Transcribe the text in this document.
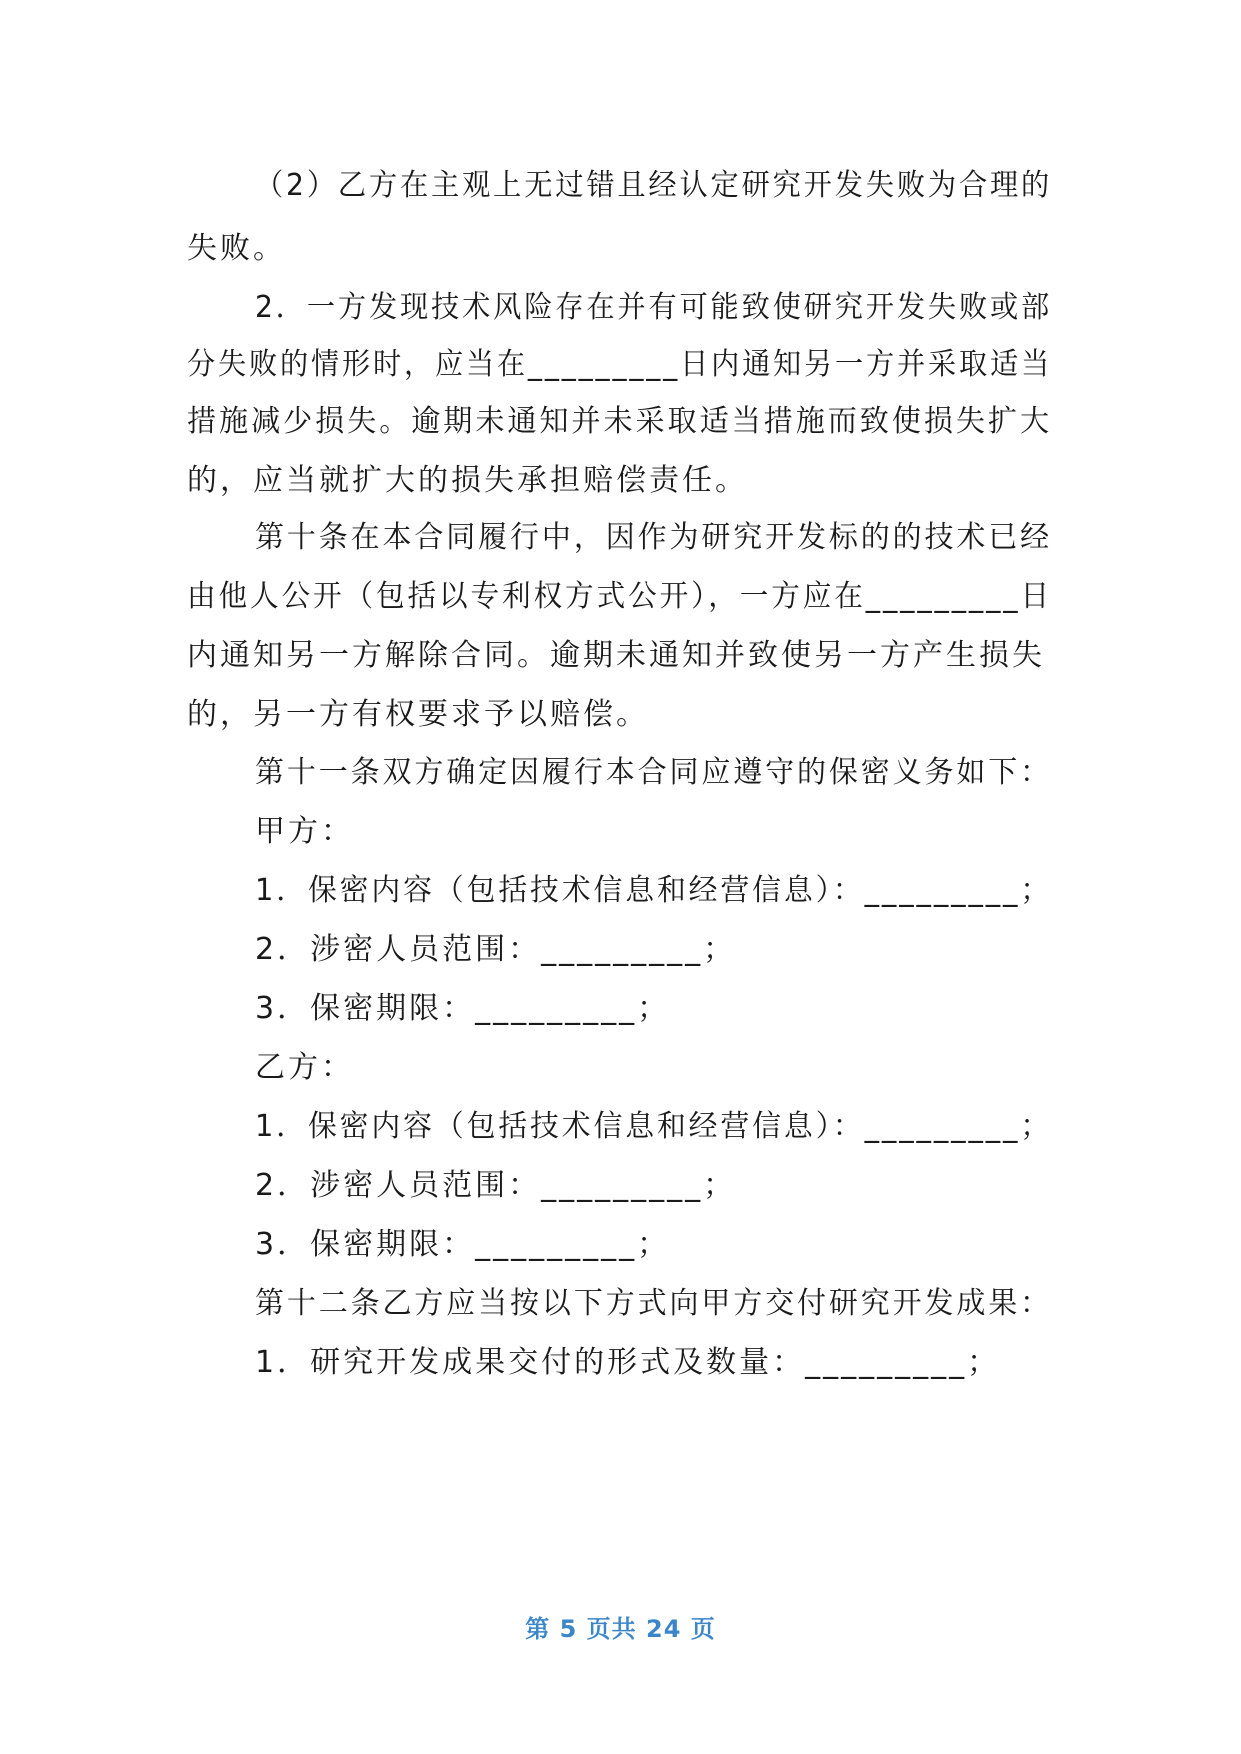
（2）乙方在主观上无过错且经认定研究开发失败为合理的
失败。
2．一方发现技术风险存在并有可能致使研究开发失败或部
分失败的情形时，应当在_________日内通知另一方并采取适当
措施减少损失。逾期未通知并未采取适当措施而致使损失扩大
的，应当就扩大的损失承担赔偿责任。
第十条在本合同履行中，因作为研究开发标的的技术已经
由他人公开（包括以专利权方式公开），一方应在_________日
内通知另一方解除合同。逾期未通知并致使另一方产生损失
的，另一方有权要求予以赔偿。
第十一条双方确定因履行本合同应遵守的保密义务如下：
甲方：
1．保密内容（包括技术信息和经营信息）：_________；
2．涉密人员范围：_________；
3．保密期限：_________；
乙方：
1．保密内容（包括技术信息和经营信息）：_________；
2．涉密人员范围：_________；
3．保密期限：_________；
第十二条乙方应当按以下方式向甲方交付研究开发成果：
1．研究开发成果交付的形式及数量：_________；
第 5 页共 24 页
